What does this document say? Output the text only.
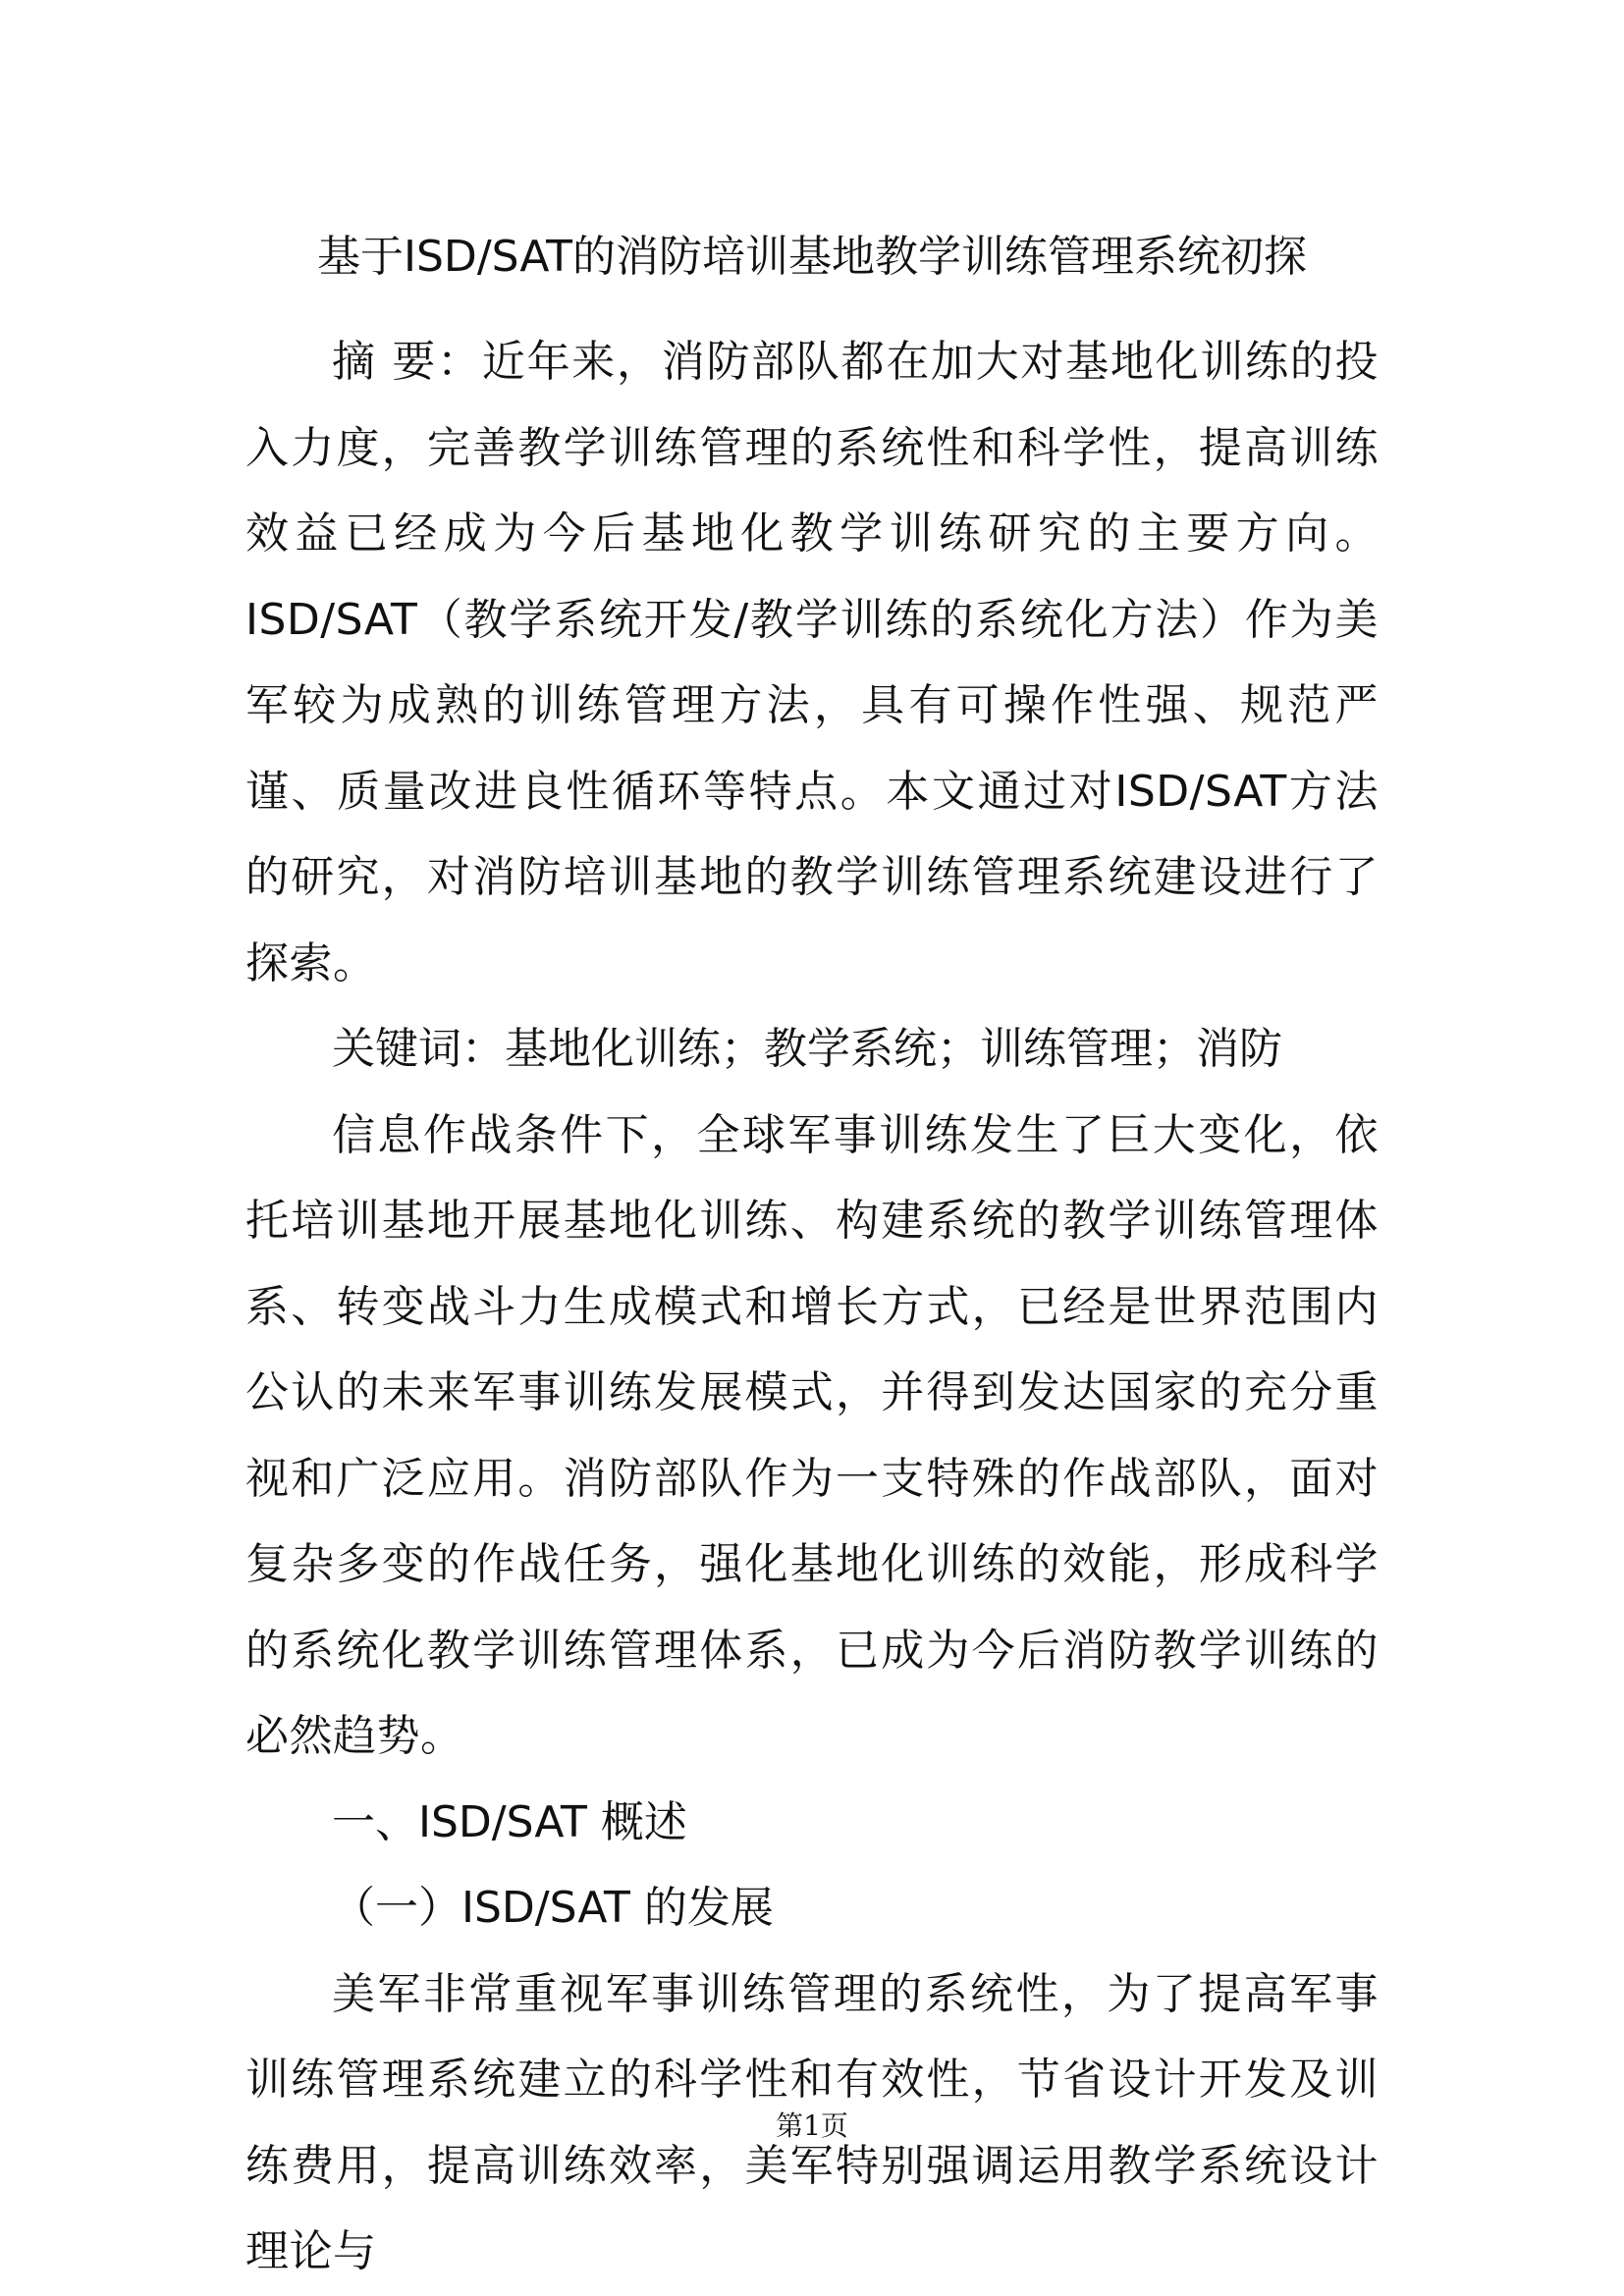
基于ISD/SAT的消防培训基地教学训练管理系统初探

摘 要：近年来，消防部队都在加大对基地化训练的投入力度，完善教学训练管理的系统性和科学性，提高训练效益已经成为今后基地化教学训练研究的主要方向。ISD/SAT（教学系统开发/教学训练的系统化方法）作为美军较为成熟的训练管理方法，具有可操作性强、规范严谨、质量改进良性循环等特点。本文通过对ISD/SAT方法的研究，对消防培训基地的教学训练管理系统建设进行了探索。

关键词：基地化训练；教学系统；训练管理；消防

信息作战条件下，全球军事训练发生了巨大变化，依托培训基地开展基地化训练、构建系统的教学训练管理体系、转变战斗力生成模式和增长方式，已经是世界范围内公认的未来军事训练发展模式，并得到发达国家的充分重视和广泛应用。消防部队作为一支特殊的作战部队，面对复杂多变的作战任务，强化基地化训练的效能，形成科学的系统化教学训练管理体系，已成为今后消防教学训练的必然趋势。

一、ISD/SAT 概述

（一）ISD/SAT 的发展

美军非常重视军事训练管理的系统性，为了提高军事训练管理系统建立的科学性和有效性，节省设计开发及训练费用，提高训练效率，美军特别强调运用教学系统设计理论与

第1页
